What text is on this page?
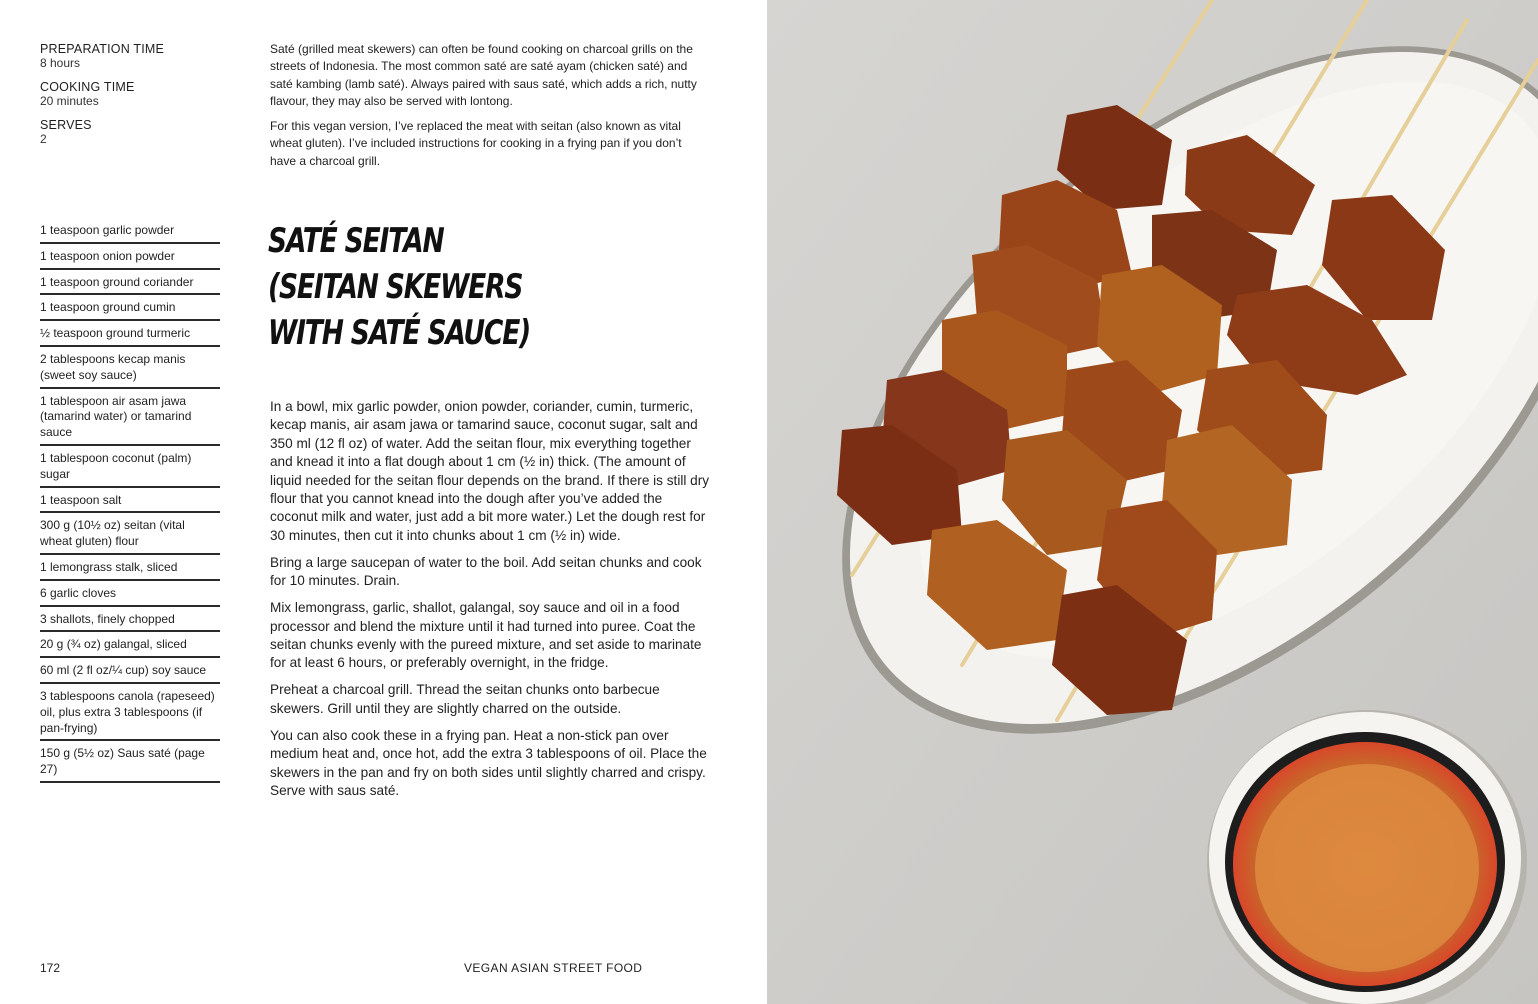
PREPARATION TIME
8 hours
COOKING TIME
20 minutes
SERVES
2

Saté (grilled meat skewers) can often be found cooking on charcoal grills on the streets of Indonesia. The most common saté are saté ayam (chicken saté) and saté kambing (lamb saté). Always paired with saus saté, which adds a rich, nutty flavour, they may also be served with lontong.

For this vegan version, I’ve replaced the meat with seitan (also known as vital wheat gluten). I’ve included instructions for cooking in a frying pan if you don’t have a charcoal grill.

1 teaspoon garlic powder
1 teaspoon onion powder
1 teaspoon ground coriander
1 teaspoon ground cumin
½ teaspoon ground turmeric
2 tablespoons kecap manis (sweet soy sauce)
1 tablespoon air asam jawa (tamarind water) or tamarind sauce
1 tablespoon coconut (palm) sugar
1 teaspoon salt
300 g (10½ oz) seitan (vital wheat gluten) flour
1 lemongrass stalk, sliced
6 garlic cloves
3 shallots, finely chopped
20 g (¾ oz) galangal, sliced
60 ml (2 fl oz/¼ cup) soy sauce
3 tablespoons canola (rapeseed) oil, plus extra 3 tablespoons (if pan-frying)
150 g (5½ oz) Saus saté (page 27)
SATÉ SEITAN
(SEITAN SKEWERS
WITH SATÉ SAUCE)

In a bowl, mix garlic powder, onion powder, coriander, cumin, turmeric, kecap manis, air asam jawa or tamarind sauce, coconut sugar, salt and 350 ml (12 fl oz) of water. Add the seitan flour, mix everything together and knead it into a flat dough about 1 cm (½ in) thick. (The amount of liquid needed for the seitan flour depends on the brand. If there is still dry flour that you cannot knead into the dough after you’ve added the coconut milk and water, just add a bit more water.) Let the dough rest for 30 minutes, then cut it into chunks about 1 cm (½ in) wide.

Bring a large saucepan of water to the boil. Add seitan chunks and cook for 10 minutes. Drain.

Mix lemongrass, garlic, shallot, galangal, soy sauce and oil in a food processor and blend the mixture until it had turned into puree. Coat the seitan chunks evenly with the pureed mixture, and set aside to marinate for at least 6 hours, or preferably overnight, in the fridge.

Preheat a charcoal grill. Thread the seitan chunks onto barbecue skewers. Grill until they are slightly charred on the outside.

You can also cook these in a frying pan. Heat a non-stick pan over medium heat and, once hot, add the extra 3 tablespoons of oil. Place the skewers in the pan and fry on both sides until slightly charred and crispy. Serve with saus saté.

172	VEGAN ASIAN STREET FOOD
